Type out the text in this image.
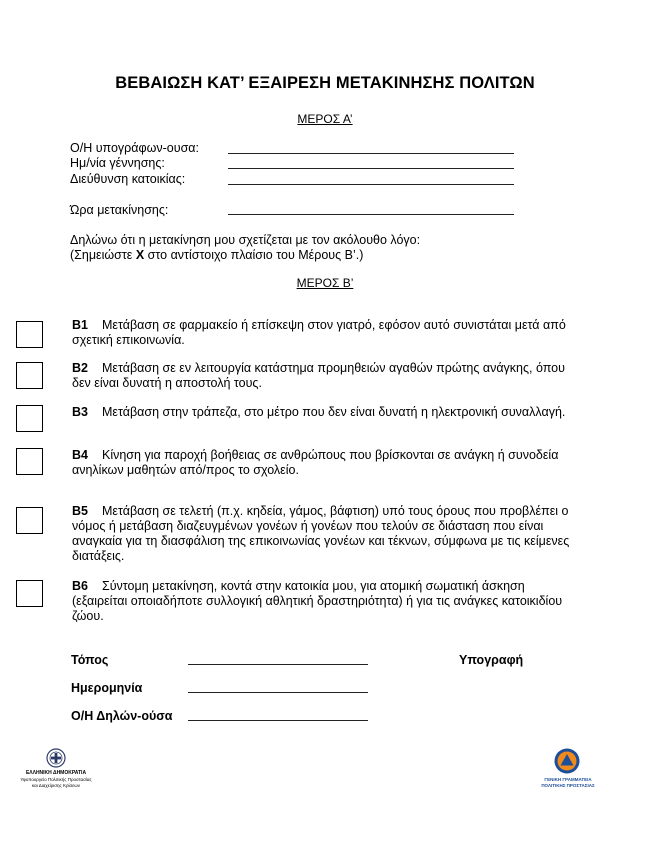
ΒΕΒΑΙΩΣΗ ΚΑΤ’ ΕΞΑΙΡΕΣΗ ΜΕΤΑΚΙΝΗΣΗΣ ΠΟΛΙΤΩΝ
ΜΕΡΟΣ Α’
Ο/Η υπογράφων-ουσα:
Ημ/νία γέννησης:
Διεύθυνση κατοικίας:
Ώρα μετακίνησης:
Δηλώνω ότι η μετακίνηση μου σχετίζεται με τον ακόλουθο λόγο:
(Σημειώστε X στο αντίστοιχο πλαίσιο του Μέρους Β’.)
ΜΕΡΟΣ Β’
B1 Μετάβαση σε φαρμακείο ή επίσκεψη στον γιατρό, εφόσον αυτό συνιστάται μετά από σχετική επικοινωνία.
B2 Μετάβαση σε εν λειτουργία κατάστημα προμηθειών αγαθών πρώτης ανάγκης, όπου δεν είναι δυνατή η αποστολή τους.
B3 Μετάβαση στην τράπεζα, στο μέτρο που δεν είναι δυνατή η ηλεκτρονική συναλλαγή.
B4 Κίνηση για παροχή βοήθειας σε ανθρώπους που βρίσκονται σε ανάγκη ή συνοδεία ανηλίκων μαθητών από/προς το σχολείο.
B5 Μετάβαση σε τελετή (π.χ. κηδεία, γάμος, βάφτιση) υπό τους όρους που προβλέπει ο νόμος ή μετάβαση διαζευγμένων γονέων ή γονέων που τελούν σε διάσταση που είναι αναγκαία για τη διασφάλιση της επικοινωνίας γονέων και τέκνων, σύμφωνα με τις κείμενες διατάξεις.
B6 Σύντομη μετακίνηση, κοντά στην κατοικία μου, για ατομική σωματική άσκηση (εξαιρείται οποιαδήποτε συλλογική αθλητική δραστηριότητα) ή για τις ανάγκες κατοικιδίου ζώου.
Τόπος
Ημερομηνία
Ο/Η Δηλών-ούσα
Υπογραφή
ΕΛΛΗΝΙΚΗ ΔΗΜΟΚΡΑΤΙΑ
Υφυπουργείο Πολιτικής Προστασίας
και Διαχείρισης Κρίσεων
ΓΕΝΙΚΗ ΓΡΑΜΜΑΤΕΙΑ
ΠΟΛΙΤΙΚΗΣ ΠΡΟΣΤΑΣΙΑΣ
